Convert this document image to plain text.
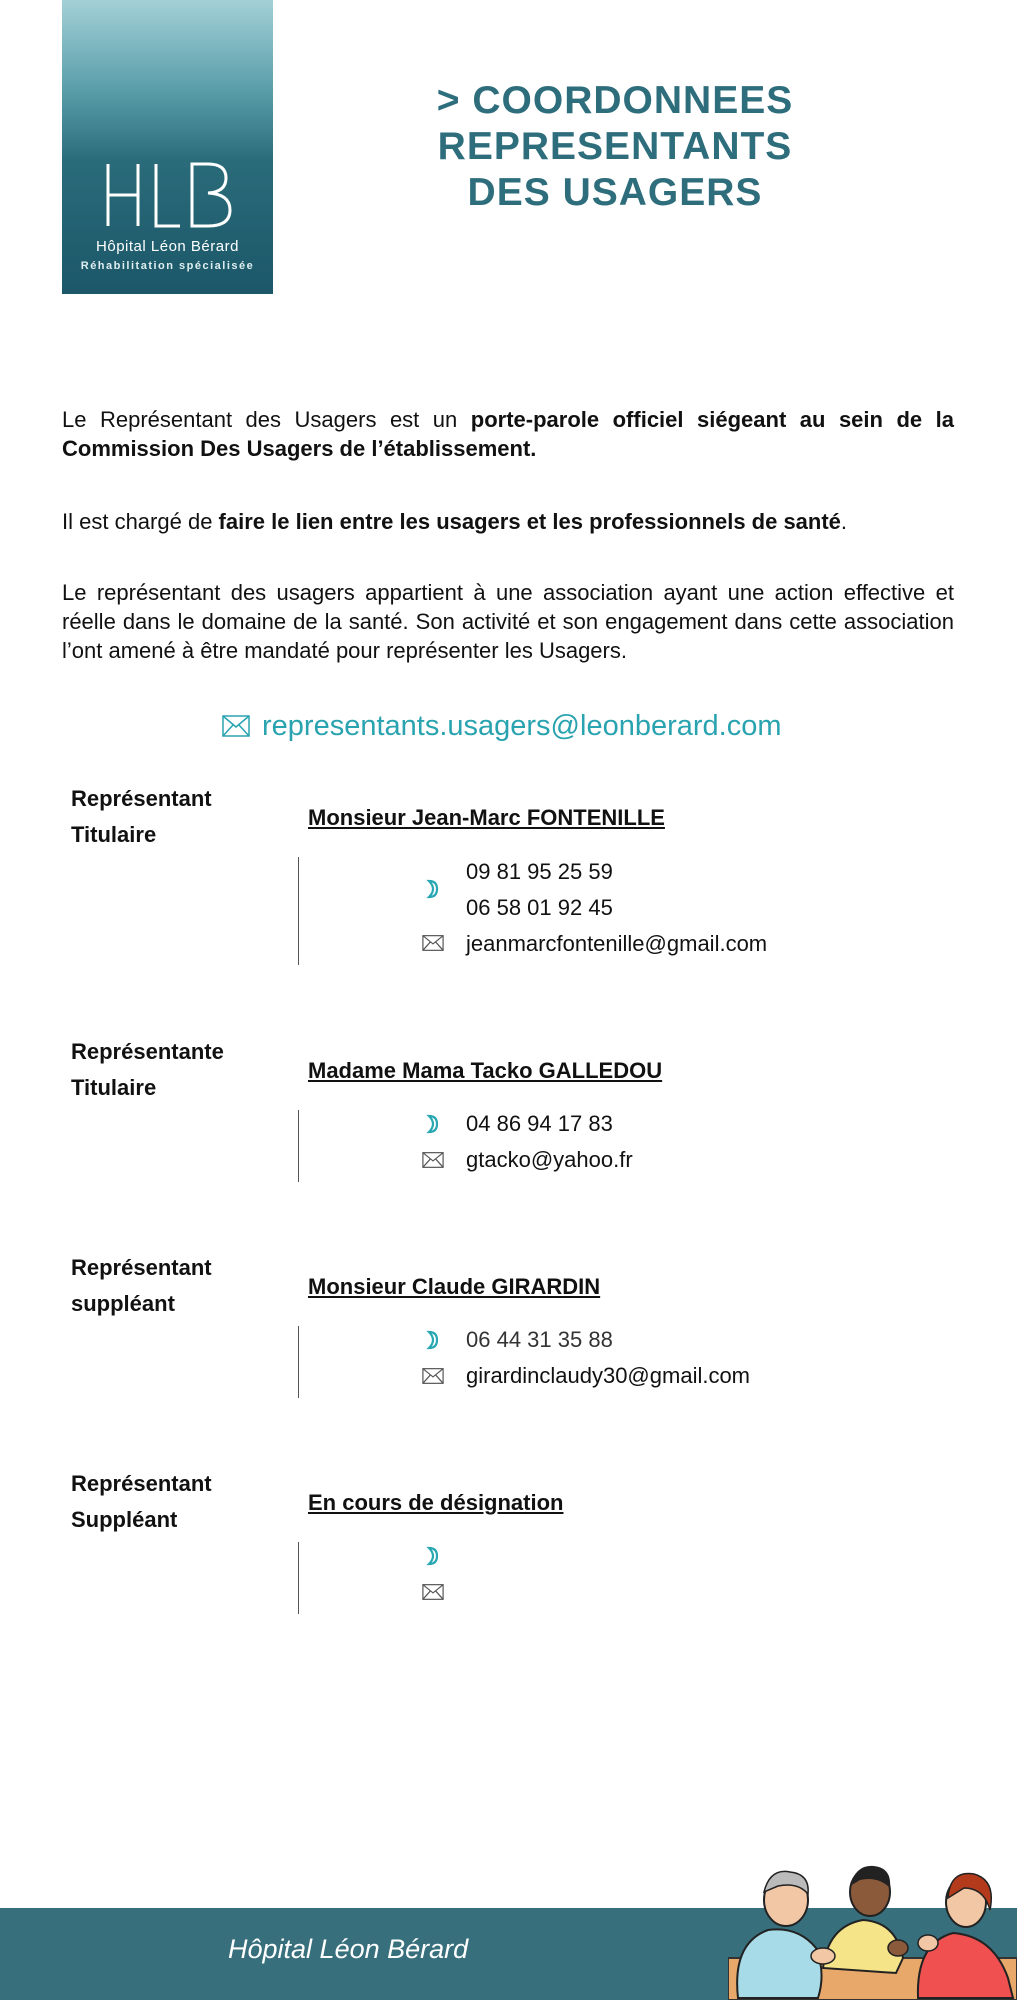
Hôpital Léon Bérard
Réhabilitation spécialisée
> COORDONNEES
REPRESENTANTS
DES USAGERS

Le Représentant des Usagers est un porte-parole officiel siégeant au sein de la Commission Des Usagers de l’établissement.

Il est chargé de faire le lien entre les usagers et les professionnels de santé.

Le représentant des usagers appartient à une association ayant une action effective et réelle dans le domaine de la santé. Son activité et son engagement dans cette association l’ont amené à être mandaté pour représenter les Usagers.

representants.usagers@leonberard.com
Représentant
Titulaire
Monsieur Jean-Marc FONTENILLE
09 81 95 25 59
06 58 01 92 45
jeanmarcfontenille@gmail.com
Représentante
Titulaire
Madame Mama Tacko GALLEDOU
04 86 94 17 83
gtacko@yahoo.fr
Représentant
suppléant
Monsieur Claude GIRARDIN
06 44 31 35 88
girardinclaudy30@gmail.com
Représentant
Suppléant
En cours de désignation
Hôpital Léon Bérard
